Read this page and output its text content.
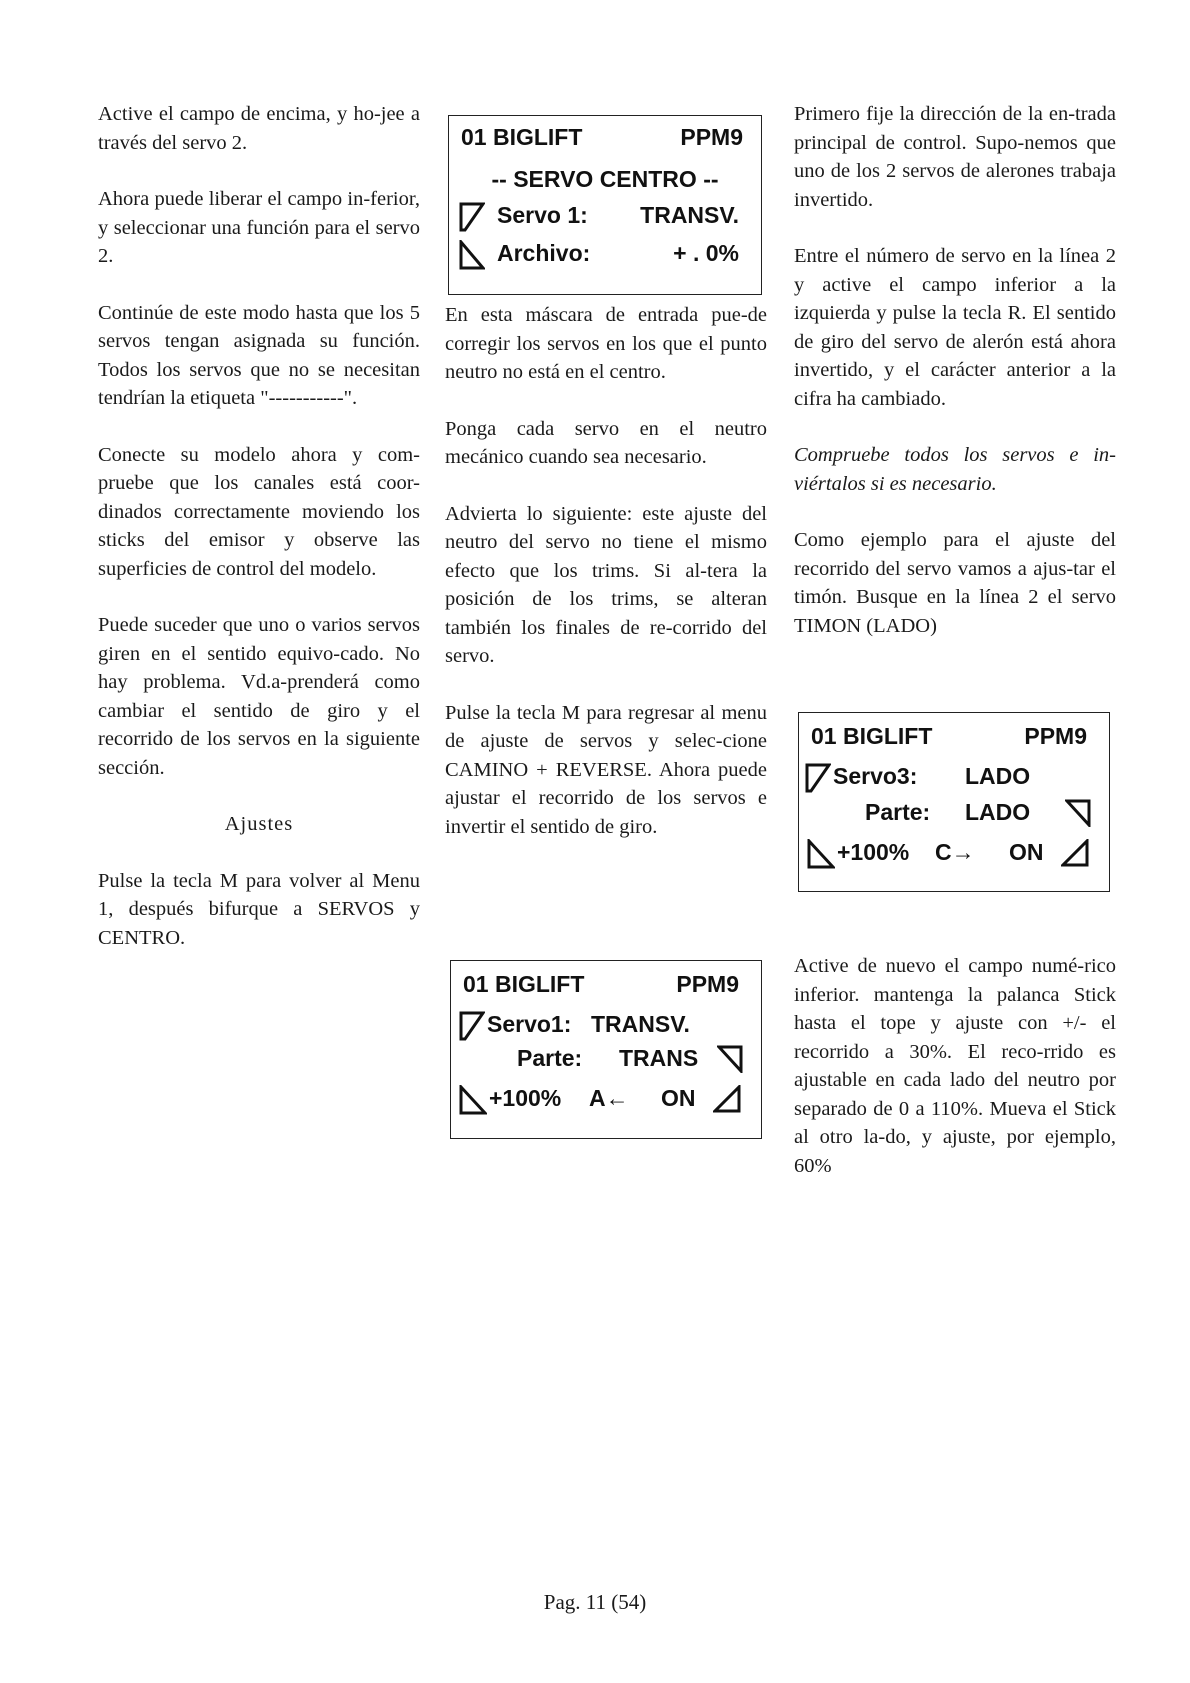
Active el campo de encima, y ho-jee a través del servo 2.

Ahora puede liberar el campo in-ferior, y seleccionar una función para el servo 2.

Continúe de este modo hasta que los 5 servos tengan asignada su función. Todos los servos que no se necesitan tendrían la etiqueta "-----------".

Conecte su modelo ahora y com-pruebe que los canales está coor-dinados correctamente moviendo los sticks del emisor y observe las superficies de control del modelo.

Puede suceder que uno o varios servos giren en el sentido equivo-cado. No hay problema. Vd.a-prenderá como cambiar el sentido de giro y el recorrido de los servos en la siguiente sección.

Ajustes

Pulse la tecla M para volver al Menu 1, después bifurque a SERVOS y CENTRO.

01 BIGLIFT	PPM9
-- SERVO CENTRO --
Servo 1: TRANSV.
Archivo:	+ . 0%

En esta máscara de entrada pue-de corregir los servos en los que el punto neutro no está en el centro.

Ponga cada servo en el neutro mecánico cuando sea necesario.

Advierta lo siguiente: este ajuste del neutro del servo no tiene el mismo efecto que los trims. Si al-tera la posición de los trims, se alteran también los finales de re-corrido del servo.

Pulse la tecla M para regresar al menu de ajuste de servos y selec-cione CAMINO + REVERSE. Ahora puede ajustar el recorrido de los servos e invertir el sentido de giro.

01 BIGLIFT	PPM9
Servo1: TRANSV.
Parte: TRANS
+100% A← ON

Primero fije la dirección de la en-trada principal de control. Supo-nemos que uno de los 2 servos de alerones trabaja invertido.

Entre el número de servo en la línea 2 y active el campo inferior a la izquierda y pulse la tecla R. El sentido de giro del servo de alerón está ahora invertido, y el carácter anterior a la cifra ha cambiado.

Compruebe todos los servos e in-viértalos si es necesario.

Como ejemplo para el ajuste del recorrido del servo vamos a ajus-tar el timón. Busque en la línea 2 el servo TIMON (LADO)

Active de nuevo el campo numé-rico inferior. mantenga la palanca Stick hasta el tope y ajuste con +/- el recorrido a 30%. El reco-rrido es ajustable en cada lado del neutro por separado de 0 a 110%. Mueva el Stick al otro la-do, y ajuste, por ejemplo, 60%

01 BIGLIFT	PPM9
Servo3: LADO
Parte: LADO
+100% C→ ON
Pag. 11 (54)
